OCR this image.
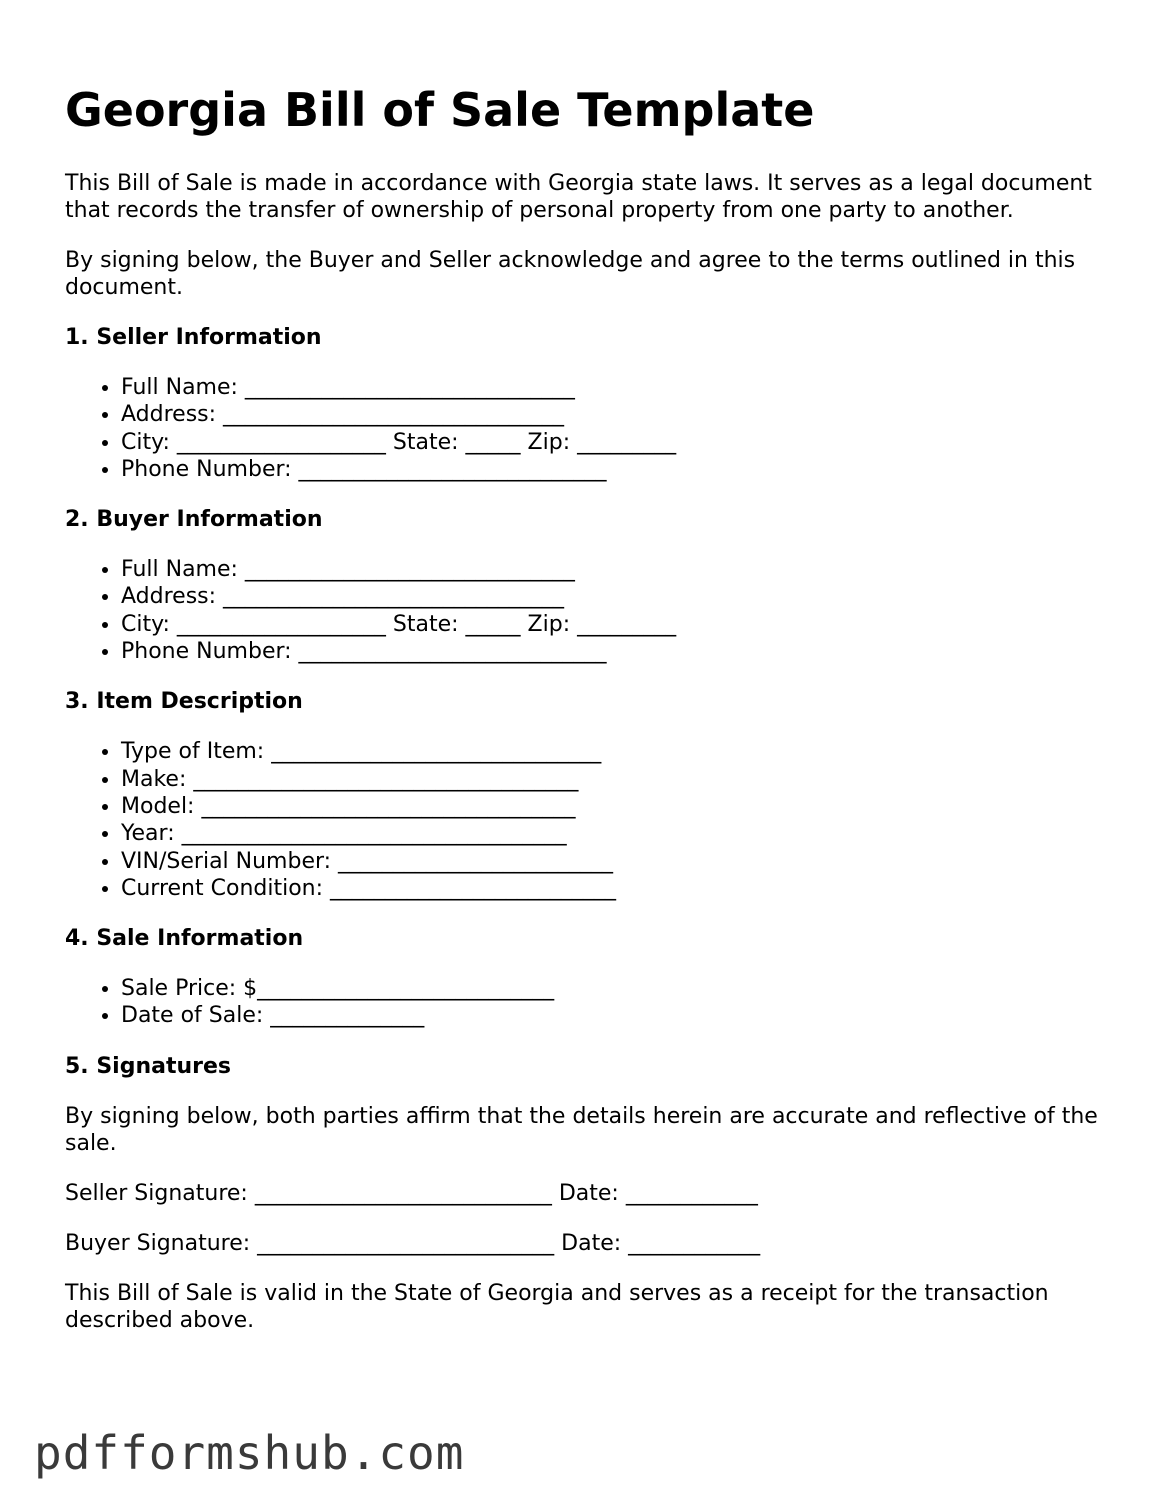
Georgia Bill of Sale Template

This Bill of Sale is made in accordance with Georgia state laws. It serves as a legal document that records the transfer of ownership of personal property from one party to another.

By signing below, the Buyer and Seller acknowledge and agree to the terms outlined in this document.

1. Seller Information
• Full Name: ______________________________
• Address: _______________________________
• City: ___________________ State: _____ Zip: _________
• Phone Number: ____________________________
2. Buyer Information
• Full Name: ______________________________
• Address: _______________________________
• City: ___________________ State: _____ Zip: _________
• Phone Number: ____________________________
3. Item Description
• Type of Item: ______________________________
• Make: ___________________________________
• Model: __________________________________
• Year: ___________________________________
• VIN/Serial Number: _________________________
• Current Condition: __________________________
4. Sale Information
• Sale Price: $___________________________
• Date of Sale: ______________
5. Signatures

By signing below, both parties affirm that the details herein are accurate and reflective of the sale.

Seller Signature: ___________________________ Date: ____________
Buyer Signature: ___________________________ Date: ____________

This Bill of Sale is valid in the State of Georgia and serves as a receipt for the transaction described above.

pdfformshub.com
